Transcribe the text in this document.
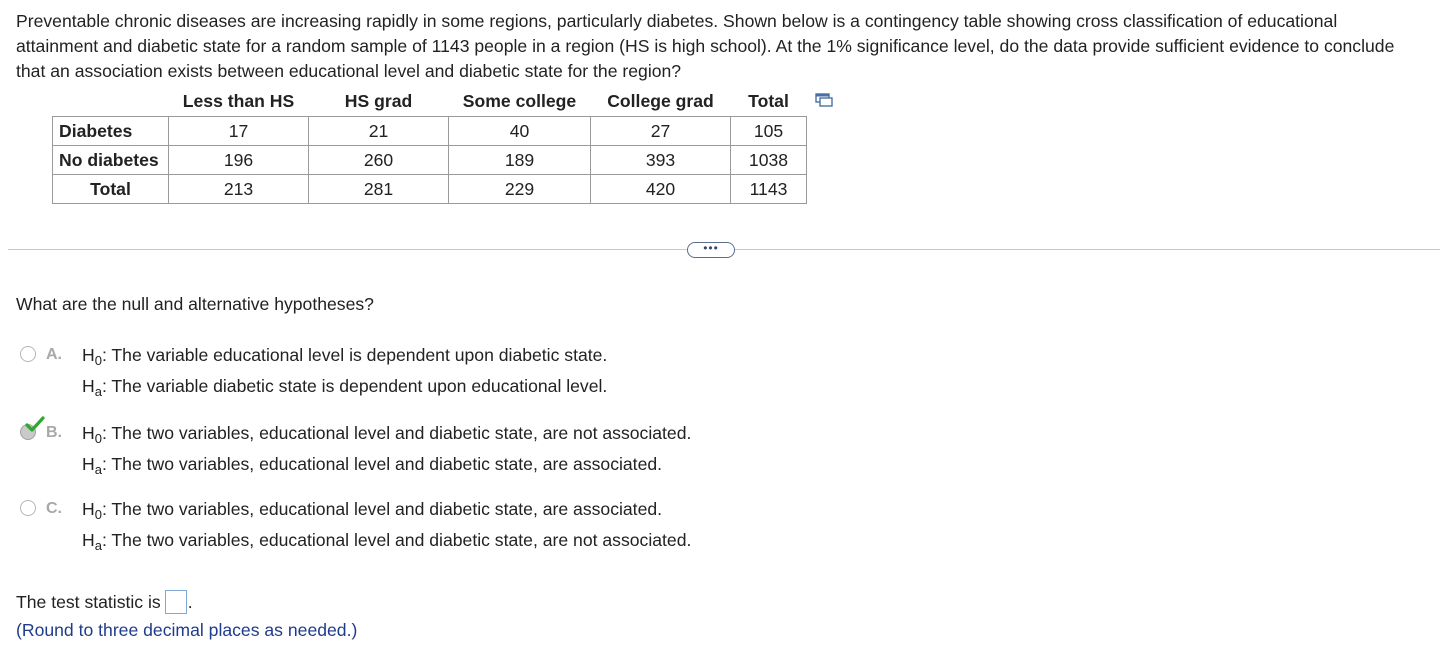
Preventable chronic diseases are increasing rapidly in some regions, particularly diabetes. Shown below is a contingency table showing cross classification of educational attainment and diabetic state for a random sample of 1143 people in a region (HS is high school). At the 1% significance level, do the data provide sufficient evidence to conclude that an association exists between educational level and diabetic state for the region?

	Less than HS	HS grad	Some college	College grad	Total
Diabetes	17	21	40	27	105
No diabetes	196	260	189	393	1038
Total	213	281	229	420	1143
•••

What are the null and alternative hypotheses?

A. $H_0$: The variable educational level is dependent upon diabetic state.
$H_a$: The variable diabetic state is dependent upon educational level.
B. $H_0$: The two variables, educational level and diabetic state, are not associated.
$H_a$: The two variables, educational level and diabetic state, are associated.
C. $H_0$: The two variables, educational level and diabetic state, are associated.
$H_a$: The two variables, educational level and diabetic state, are not associated.
The test statistic is .
(Round to three decimal places as needed.)
